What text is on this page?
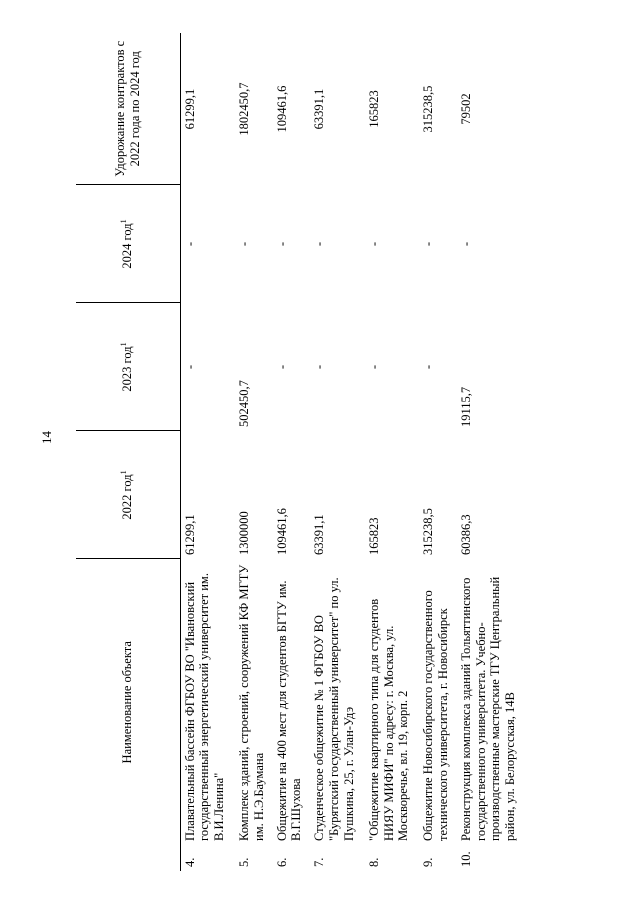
14
	Наименование объекта	2022 год$^1$	2023 год$^1$	2024 год$^1$	Удорожание контрактов с 2022 года по 2024 год
4.	Плавательный бассейн ФГБОУ ВО "Ивановский государственный энергетический университет им. В.И.Ленина"	61299,1	-	-	61299,1
5.	Комплекс зданий, строений, сооружений КФ МГТУ им. Н.Э.Баумана	1300000	502450,7	-	1802450,7
6.	Общежитие на 400 мест для студентов БГТУ им. В.Г.Шухова	109461,6	-	-	109461,6
7.	Студенческое общежитие № 1 ФГБОУ ВО "Бурятский государственный университет" по ул. Пушкина, 25, г. Улан-Удэ	63391,1	-	-	63391,1
8.	"Общежитие квартирного типа для студентов НИЯУ МИФИ" по адресу: г. Москва, ул. Москворечье, вл. 19, корп. 2	165823	-	-	165823
9.	Общежитие Новосибирского государственного технического университета, г. Новосибирск	315238,5	-	-	315238,5
10.	Реконструкция комплекса зданий Тольяттинского государственного университета. Учебно-производственные мастерские ТГУ Центральный район, ул. Белорусская, 14В	60386,3	19115,7	-	79502
